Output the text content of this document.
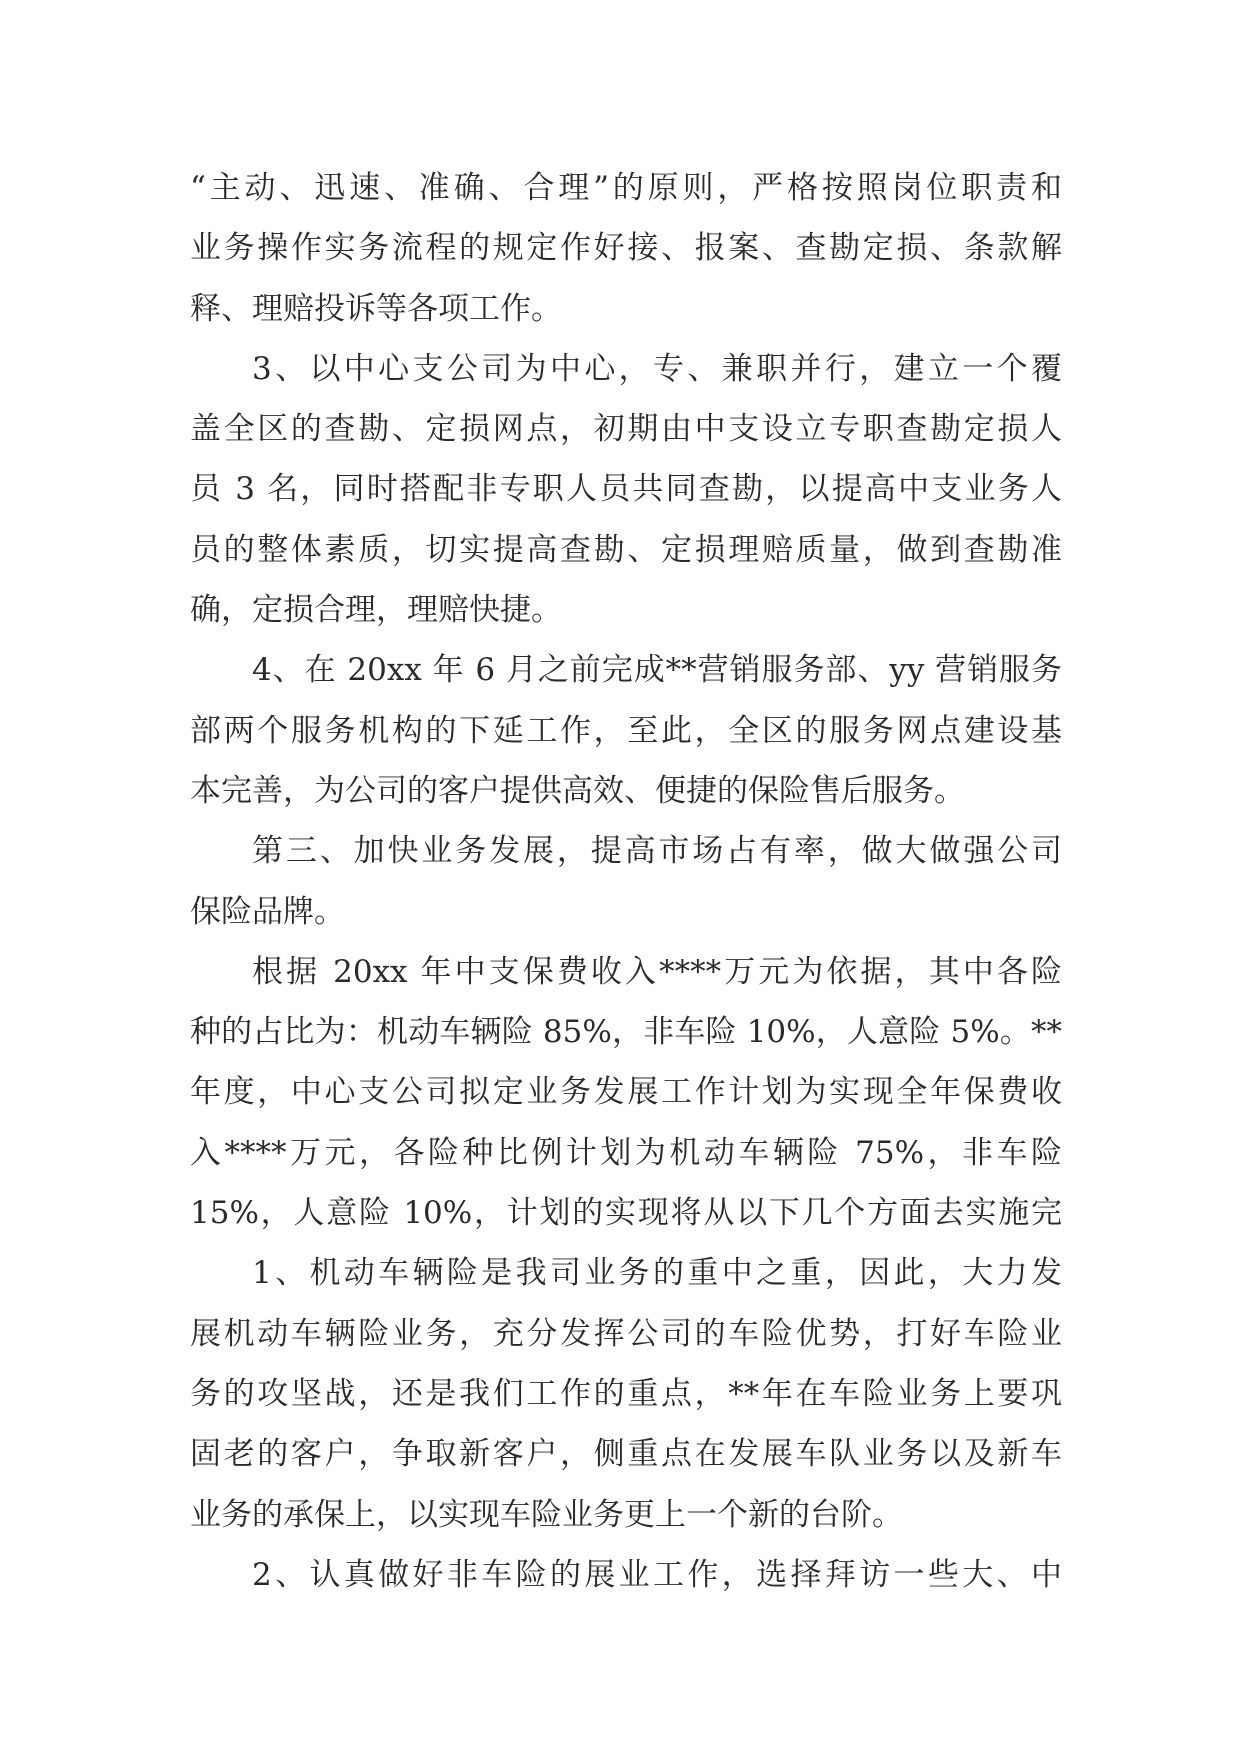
“主动、迅速、准确、合理”的原则，严格按照岗位职责和

业务操作实务流程的规定作好接、报案、查勘定损、条款解

释、理赔投诉等各项工作。

3、以中心支公司为中心，专、兼职并行，建立一个覆

盖全区的查勘、定损网点，初期由中支设立专职查勘定损人

员 3 名，同时搭配非专职人员共同查勘，以提高中支业务人

员的整体素质，切实提高查勘、定损理赔质量，做到查勘准

确，定损合理，理赔快捷。

4、在 20xx 年 6 月之前完成**营销服务部、yy 营销服务

部两个服务机构的下延工作，至此，全区的服务网点建设基

本完善，为公司的客户提供高效、便捷的保险售后服务。

第三、加快业务发展，提高市场占有率，做大做强公司

保险品牌。

根据 20xx 年中支保费收入****万元为依据，其中各险

种的占比为：机动车辆险 85%，非车险 10%，人意险 5%。**

年度，中心支公司拟定业务发展工作计划为实现全年保费收

入****万元，各险种比例计划为机动车辆险 75%，非车险

15%，人意险 10%，计划的实现将从以下几个方面去实施完

1、机动车辆险是我司业务的重中之重，因此，大力发

展机动车辆险业务，充分发挥公司的车险优势，打好车险业

务的攻坚战，还是我们工作的重点，**年在车险业务上要巩

固老的客户，争取新客户，侧重点在发展车队业务以及新车

业务的承保上，以实现车险业务更上一个新的台阶。

2、认真做好非车险的展业工作，选择拜访一些大、中
